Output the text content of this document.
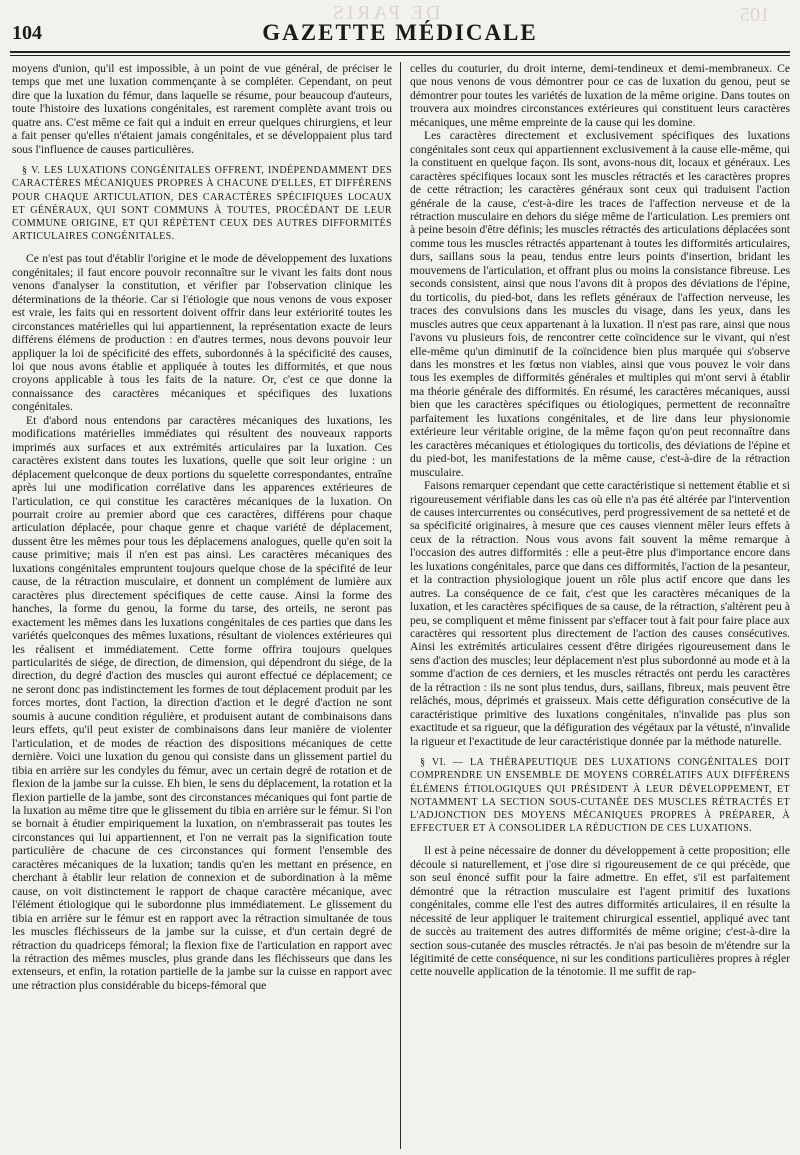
DE PARIS	105
104	GAZETTE MÉDICALE

moyens d'union, qu'il est impossible, à un point de vue général, de préciser le temps que met une luxation commençante à se compléter. Cependant, on peut dire que la luxation du fémur, dans laquelle se résume, pour beaucoup d'auteurs, toute l'histoire des luxations congénitales, est rarement complète avant trois ou quatre ans. C'est même ce fait qui a induit en erreur quelques chirurgiens, et leur a fait penser qu'elles n'étaient jamais congénitales, et se développaient plus tard sous l'influence de causes particulières.

§ V. LES LUXATIONS CONGÉNITALES OFFRENT, INDÉPENDAMMENT DES CARACTÈRES MÉCANIQUES PROPRES À CHACUNE D'ELLES, ET DIFFÉRENS POUR CHAQUE ARTICULATION, DES CARACTÈRES SPÉCIFIQUES LOCAUX ET GÉNÉRAUX, QUI SONT COMMUNS À TOUTES, PROCÉDANT DE LEUR COMMUNE ORIGINE, ET QUI RÉPÈTENT CEUX DES AUTRES DIFFORMITÉS ARTICULAIRES CONGÉNITALES.

Ce n'est pas tout d'établir l'origine et le mode de développement des luxations congénitales; il faut encore pouvoir reconnaître sur le vivant les faits dont nous venons d'analyser la constitution, et vérifier par l'observation clinique les déterminations de la théorie. Car si l'étiologie que nous venons de vous exposer est vraie, les faits qui en ressortent doivent offrir dans leur extériorité toutes les circonstances matérielles qui lui appartiennent, la représentation exacte de leurs différens élémens de production : en d'autres termes, nous devons pouvoir leur appliquer la loi de spécificité des effets, subordonnés à la spécificité des causes, loi que nous avons établie et appliquée à toutes les difformités, et que nous croyons applicable à tous les faits de la nature. Or, c'est ce que donne la connaissance des caractères mécaniques et spécifiques des luxations congénitales.

Et d'abord nous entendons par caractères mécaniques des luxations, les modifications matérielles immédiates qui résultent des nouveaux rapports imprimés aux surfaces et aux extrémités articulaires par la luxation. Ces caractères existent dans toutes les luxations, quelle que soit leur origine : un déplacement quelconque de deux portions du squelette correspondantes, entraîne après lui une modification corrélative dans les apparences extérieures de l'articulation, ce qui constitue les caractères mécaniques de la luxation. On pourrait croire au premier abord que ces caractères, différens pour chaque articulation déplacée, pour chaque genre et chaque variété de déplacement, dussent être les mêmes pour tous les déplacemens analogues, quelle qu'en soit la cause primitive; mais il n'en est pas ainsi. Les caractères mécaniques des luxations congénitales empruntent toujours quelque chose de la spécifité de leur cause, de la rétraction musculaire, et donnent un complément de lumière aux caractères plus directement spécifiques de cette cause. Ainsi la forme des hanches, la forme du genou, la forme du tarse, des orteils, ne seront pas exactement les mêmes dans les luxations congénitales de ces parties que dans les variétés quelconques des mêmes luxations, résultant de violences extérieures qui les réalisent et immédiatement. Cette forme offrira toujours quelques particularités de siége, de direction, de dimension, qui dépendront du siége, de la direction, du degré d'action des muscles qui auront effectué ce déplacement; ce ne seront donc pas indistinctement les formes de tout déplacement produit par les forces mortes, dont l'action, la direction d'action et le degré d'action ne sont soumis à aucune condition régulière, et produisent autant de combinaisons dans leurs effets, qu'il peut exister de combinaisons dans leur manière de violenter l'articulation, et de modes de réaction des dispositions mécaniques de cette dernière. Voici une luxation du genou qui consiste dans un glissement partiel du tibia en arrière sur les condyles du fémur, avec un certain degré de rotation et de flexion de la jambe sur la cuisse. Eh bien, le sens du déplacement, la rotation et la flexion partielle de la jambe, sont des circonstances mécaniques qui font partie de la luxation au même titre que le glissement du tibia en arrière sur le fémur. Si l'on se bornait à étudier empiriquement la luxation, on n'embrasserait pas toutes les circonstances qui lui appartiennent, et l'on ne verrait pas la signification toute particulière de chacune de ces circonstances qui forment l'ensemble des caractères mécaniques de la luxation; tandis qu'en les mettant en présence, en cherchant à établir leur relation de connexion et de subordination à la même cause, on voit distinctement le rapport de chaque caractère mécanique, avec l'élément étiologique qui le subordonne plus immédiatement. Le glissement du tibia en arrière sur le fémur est en rapport avec la rétraction simultanée de tous les muscles fléchisseurs de la jambe sur la cuisse, et d'un certain degré de rétraction du quadriceps fémoral; la flexion fixe de l'articulation en rapport avec la rétraction des mêmes muscles, plus grande dans les fléchisseurs que dans les extenseurs, et enfin, la rotation partielle de la jambe sur la cuisse en rapport avec une rétraction plus considérable du biceps-fémoral que

celles du couturier, du droit interne, demi-tendineux et demi-membraneux. Ce que nous venons de vous démontrer pour ce cas de luxation du genou, peut se démontrer pour toutes les variétés de luxation de la même origine. Dans toutes on trouvera aux moindres circonstances extérieures qui constituent leurs caractères mécaniques, une même empreinte de la cause qui les domine.

Les caractères directement et exclusivement spécifiques des luxations congénitales sont ceux qui appartiennent exclusivement à la cause elle-même, qui la constituent en quelque façon. Ils sont, avons-nous dit, locaux et généraux. Les caractères spécifiques locaux sont les muscles rétractés et les caractères propres de cette rétraction; les caractères généraux sont ceux qui traduisent l'action générale de la cause, c'est-à-dire les traces de l'affection nerveuse et de la rétraction musculaire en dehors du siége même de l'articulation. Les premiers ont à peine besoin d'être définis; les muscles rétractés des articulations déplacées sont comme tous les muscles rétractés appartenant à toutes les difformités articulaires, durs, saillans sous la peau, tendus entre leurs points d'insertion, bridant les mouvemens de l'articulation, et offrant plus ou moins la consistance fibreuse. Les seconds consistent, ainsi que nous l'avons dit à propos des déviations de l'épine, du torticolis, du pied-bot, dans les reflets généraux de l'affection nerveuse, les traces des convulsions dans les muscles du visage, dans les yeux, dans les muscles autres que ceux appartenant à la luxation. Il n'est pas rare, ainsi que nous l'avons vu plusieurs fois, de rencontrer cette coïncidence sur le vivant, qui n'est elle-même qu'un diminutif de la coïncidence bien plus marquée qui s'observe dans les monstres et les fœtus non viables, ainsi que vous pouvez le voir dans tous les exemples de difformités générales et multiples qui m'ont servi à établir ma théorie générale des difformités. En résumé, les caractères mécaniques, aussi bien que les caractères spécifiques ou étiologiques, permettent de reconnaître parfaitement les luxations congénitales, et de lire dans leur physionomie extérieure leur véritable origine, de la même façon qu'on peut reconnaître dans les caractères mécaniques et étiologiques du torticolis, des déviations de l'épine et du pied-bot, les manifestations de la même cause, c'est-à-dire de la rétraction musculaire.

Faisons remarquer cependant que cette caractéristique si nettement établie et si rigoureusement vérifiable dans les cas où elle n'a pas été altérée par l'intervention de causes intercurrentes ou consécutives, perd progressivement de sa netteté et de sa spécificité originaires, à mesure que ces causes viennent mêler leurs effets à ceux de la rétraction. Nous vous avons fait souvent la même remarque à l'occasion des autres difformités : elle a peut-être plus d'importance encore dans les luxations congénitales, parce que dans ces difformités, l'action de la pesanteur, et la contraction physiologique jouent un rôle plus actif encore que dans les autres. La conséquence de ce fait, c'est que les caractères mécaniques de la luxation, et les caractères spécifiques de sa cause, de la rétraction, s'altèrent peu à peu, se compliquent et même finissent par s'effacer tout à fait pour faire place aux caractères qui ressortent plus directement de l'action des causes consécutives. Ainsi les extrémités articulaires cessent d'être dirigées rigoureusement dans le sens d'action des muscles; leur déplacement n'est plus subordonné au mode et à la somme d'action de ces derniers, et les muscles rétractés ont perdu les caractères de la rétraction : ils ne sont plus tendus, durs, saillans, fibreux, mais peuvent être relâchés, mous, déprimés et graisseux. Mais cette défiguration consécutive de la caractéristique primitive des luxations congénitales, n'invalide pas plus son exactitude et sa rigueur, que la défiguration des végétaux par la vétusté, n'invalide la rigueur et l'exactitude de leur caractéristique donnée par la méthode naturelle.

§ VI. — LA THÉRAPEUTIQUE DES LUXATIONS CONGÉNITALES DOIT COMPRENDRE UN ENSEMBLE DE MOYENS CORRÉLATIFS AUX DIFFÉRENS ÉLÉMENS ÉTIOLOGIQUES QUI PRÉSIDENT À LEUR DÉVELOPPEMENT, ET NOTAMMENT LA SECTION SOUS-CUTANÉE DES MUSCLES RÉTRACTÉS ET L'ADJONCTION DES MOYENS MÉCANIQUES PROPRES À PRÉPARER, À EFFECTUER ET À CONSOLIDER LA RÉDUCTION DE CES LUXATIONS.

Il est à peine nécessaire de donner du développement à cette proposition; elle découle si naturellement, et j'ose dire si rigoureusement de ce qui précède, que son seul énoncé suffit pour la faire admettre. En effet, s'il est parfaitement démontré que la rétraction musculaire est l'agent primitif des luxations congénitales, comme elle l'est des autres difformités articulaires, il en résulte la nécessité de leur appliquer le traitement chirurgical essentiel, appliqué avec tant de succès au traitement des autres difformités de même origine; c'est-à-dire la section sous-cutanée des muscles rétractés. Je n'ai pas besoin de m'étendre sur la légitimité de cette conséquence, ni sur les conditions particulières propres à régler cette nouvelle application de la ténotomie. Il me suffit de rap-
